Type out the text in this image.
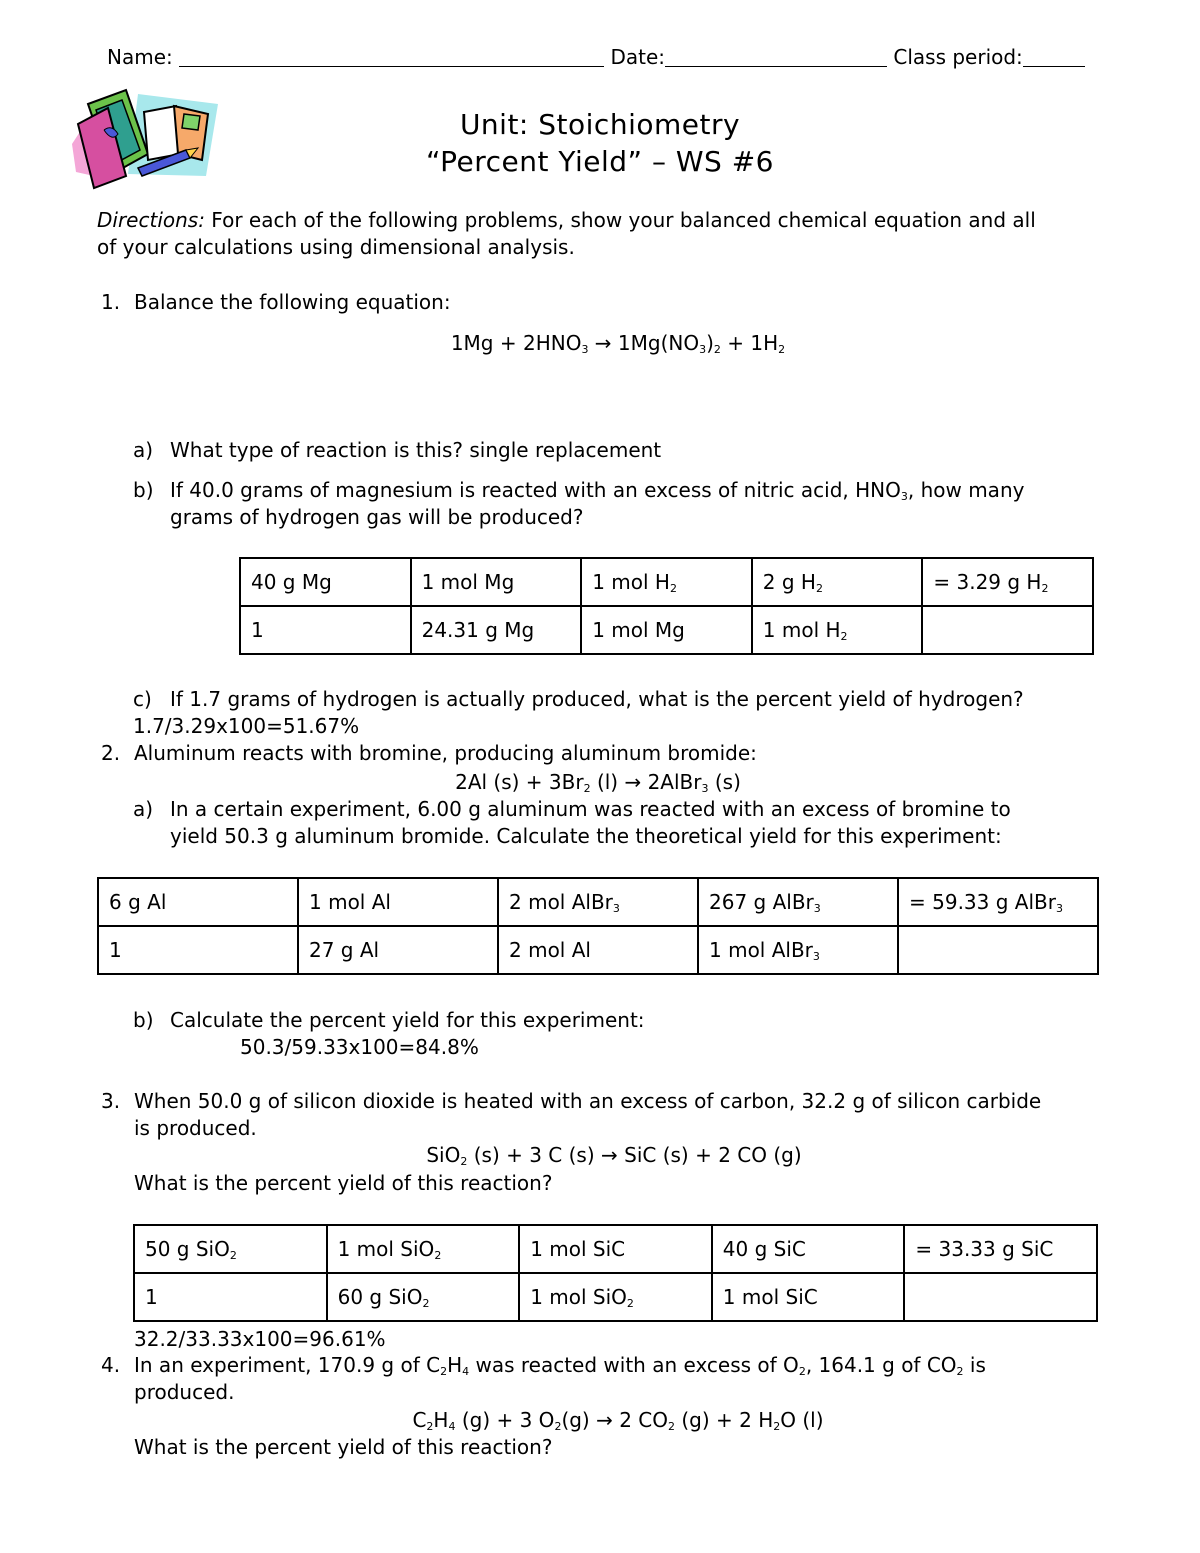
Name:	Date:	Class period:
Unit: Stoichiometry
“Percent Yield” – WS #6
Directions: For each of the following problems, show your balanced chemical equation and all
of your calculations using dimensional analysis.
1. Balance the following equation:
$1Mg + 2HNO_3 \to 1Mg(NO_3)_2 + 1H_2$
a) What type of reaction is this? single replacement
b) If 40.0 grams of magnesium is reacted with an excess of nitric acid, $HNO_3$, how many
grams of hydrogen gas will be produced?
40 g Mg	1 mol Mg	1 mol $H_2$	2 g $H_2$	= 3.29 g $H_2$
1	24.31 g Mg	1 mol Mg	1 mol $H_2$	
c) If 1.7 grams of hydrogen is actually produced, what is the percent yield of hydrogen?
1.7/3.29x100=51.67%
2. Aluminum reacts with bromine, producing aluminum bromide:
2Al $(s) + 3Br_2$ (l) → 2AlBr$_3$ (s)
a) In a certain experiment, 6.00 g aluminum was reacted with an excess of bromine to
yield 50.3 g aluminum bromide. Calculate the theoretical yield for this experiment:
6 g Al	1 mol Al	2 mol AlBr$_3$	267 g AlBr$_3$	= 59.33 g AlBr$_3$
1	27 g Al	2 mol Al	1 mol AlBr$_3$	
b) Calculate the percent yield for this experiment:
50.3/59.33x100=84.8%
3. When 50.0 g of silicon dioxide is heated with an excess of carbon, 32.2 g of silicon carbide
is produced.
SiO$_2$ (s) + 3 C (s) → SiC (s) + 2 CO (g)
What is the percent yield of this reaction?
50 g SiO$_2$	1 mol SiO$_2$	1 mol SiC	40 g SiC	= 33.33 g SiC
1	60 g SiO$_2$	1 mol SiO$_2$	1 mol SiC	
32.2/33.33x100=96.61%
4. In an experiment, 170.9 g of $C_2H_4$ was reacted with an excess of $O_2$, 164.1 g of $CO_2$ is
produced.
$C_2H_4$ (g) + 3 $O_2(g) \to 2$ $CO_2$ (g) + 2 $H_2O$ (l)
What is the percent yield of this reaction?
